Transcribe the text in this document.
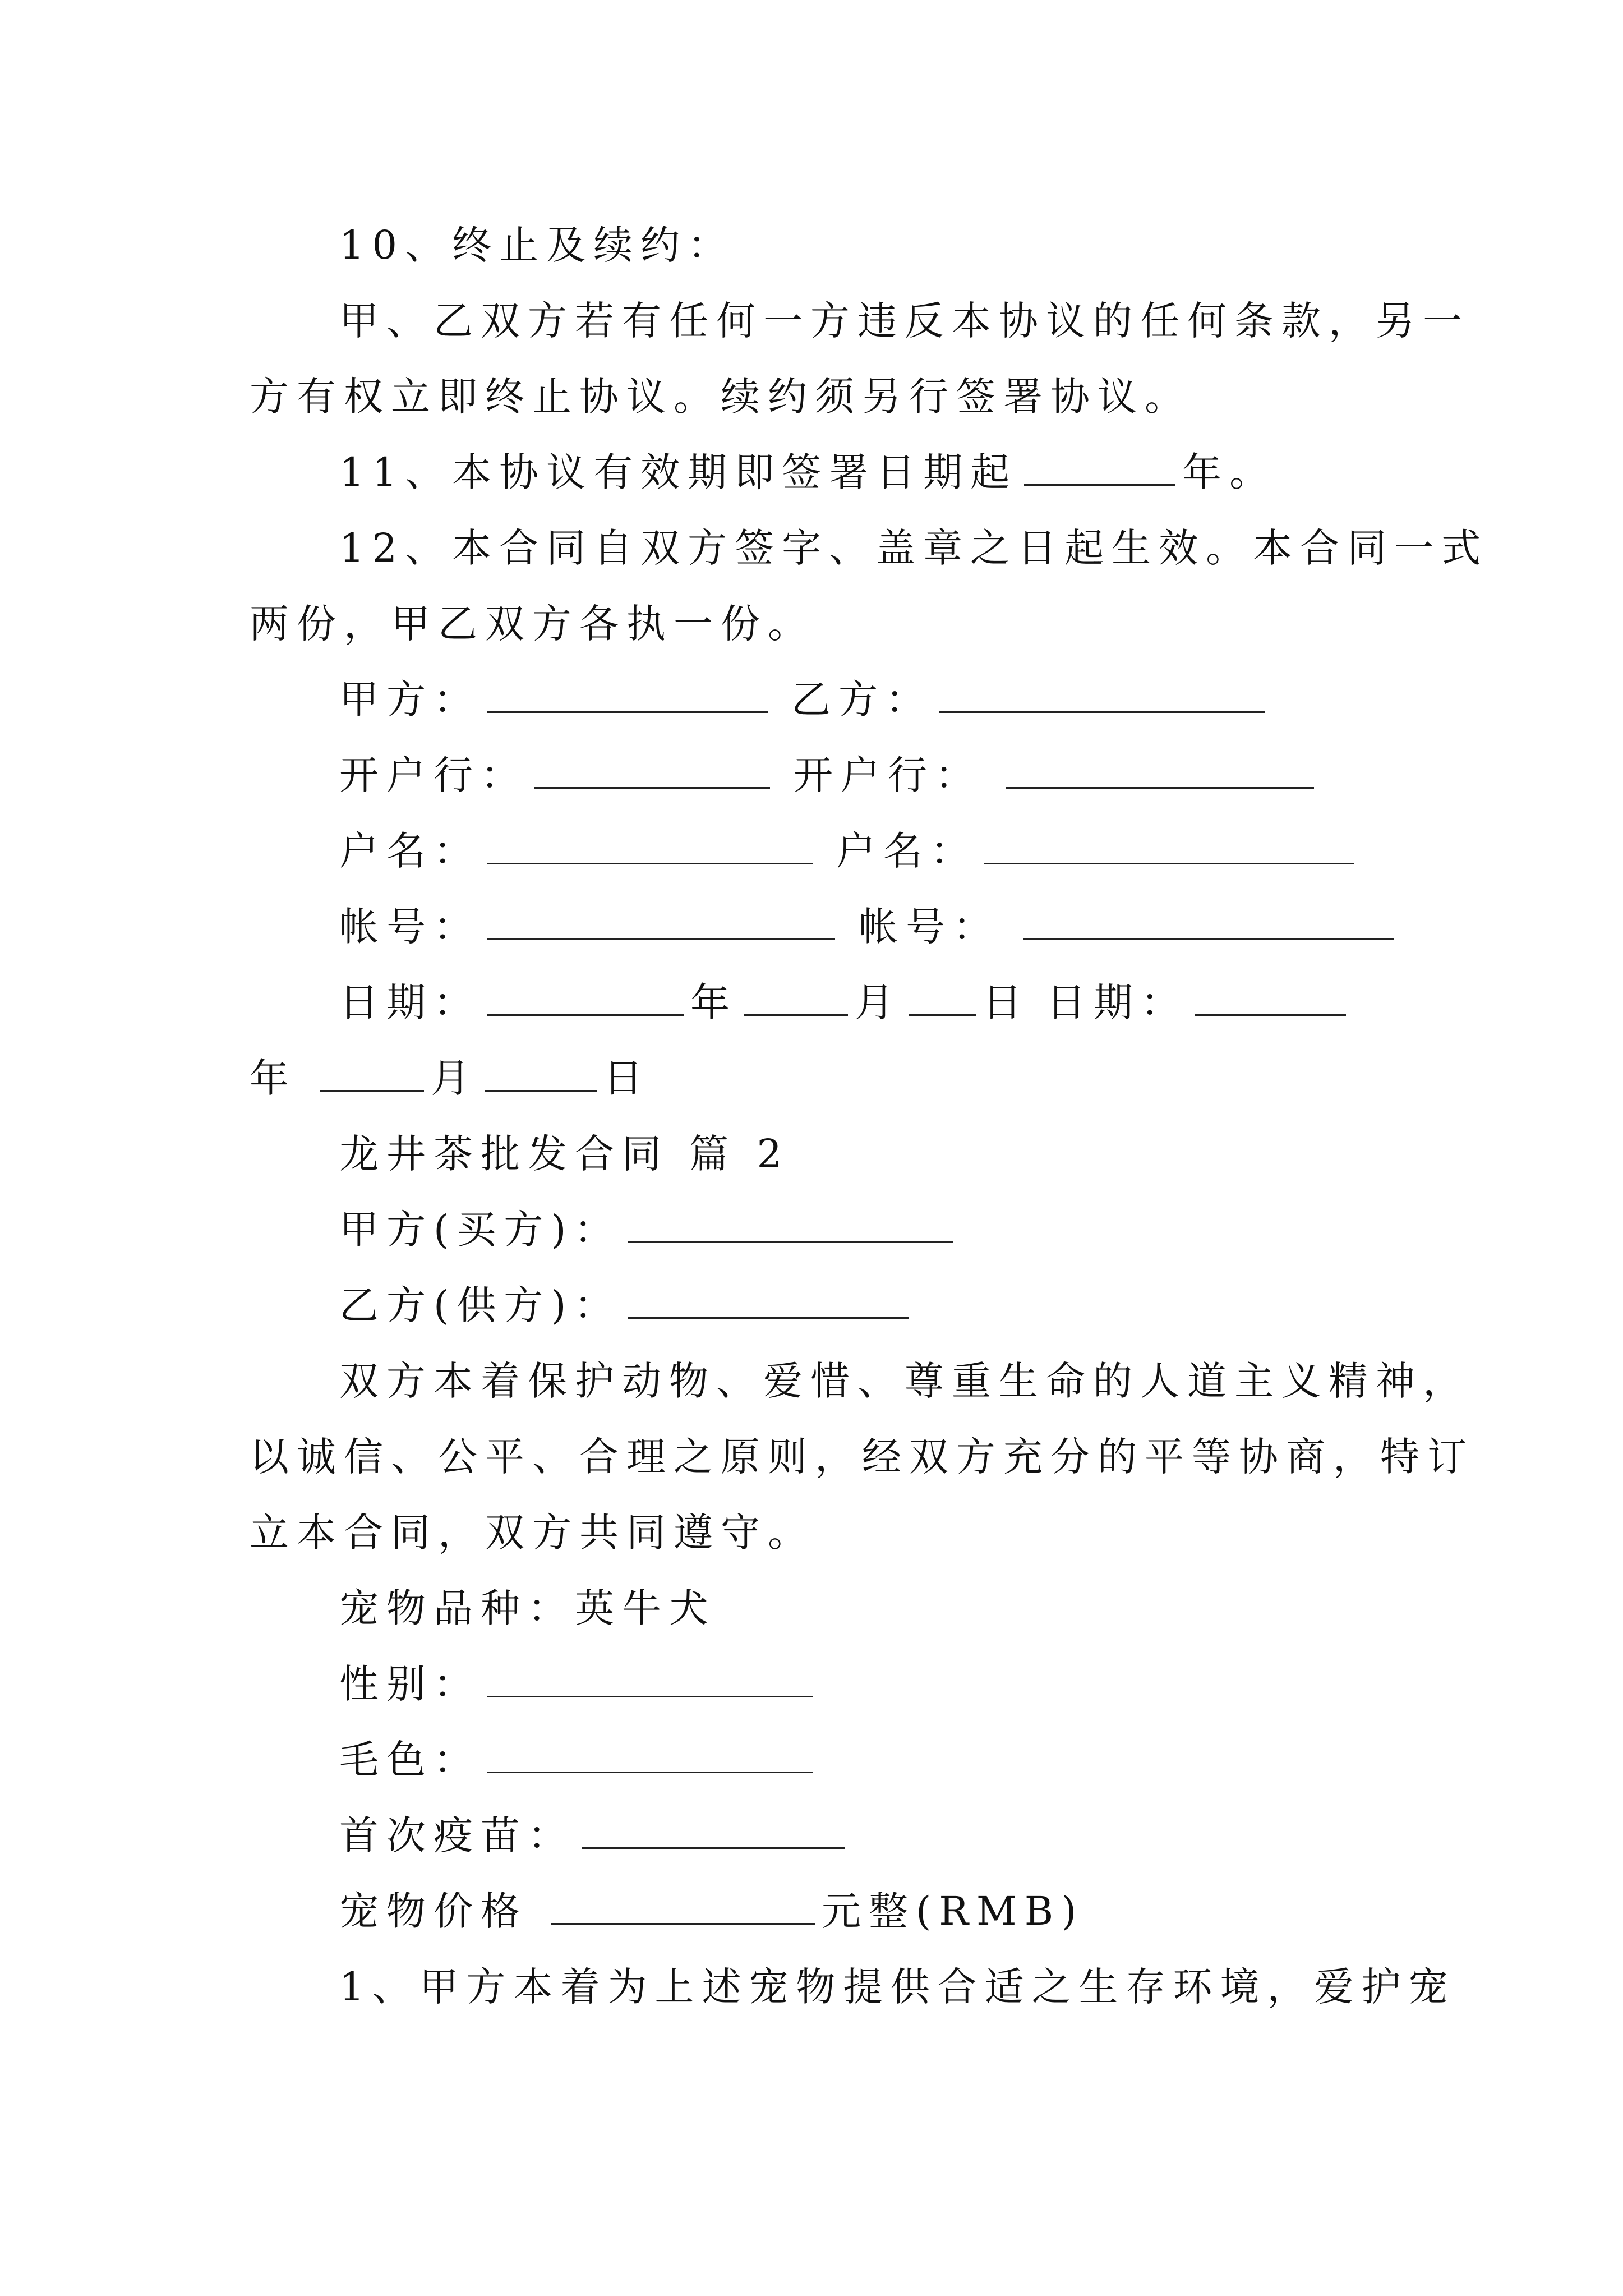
10、终止及续约：
甲、乙双方若有任何一方违反本协议的任何条款，另一
方有权立即终止协议。续约须另行签署协议。
11、本协议有效期即签署日期起	年。
12、本合同自双方签字、盖章之日起生效。本合同一式
两份，甲乙双方各执一份。
甲方：	乙方：
开户行：	开户行：
户名：	户名：
帐号：	帐号：
日期：	年	月 日 日期：
年	月	日
龙井茶批发合同 篇 2
甲方(买方)：
乙方(供方)：
双方本着保护动物、爱惜、尊重生命的人道主义精神，
以诚信、公平、合理之原则，经双方充分的平等协商，特订
立本合同，双方共同遵守。
宠物品种：英牛犬
性别：
毛色：
首次疫苗：
宠物价格	元整(RMB)
1、甲方本着为上述宠物提供合适之生存环境，爱护宠
